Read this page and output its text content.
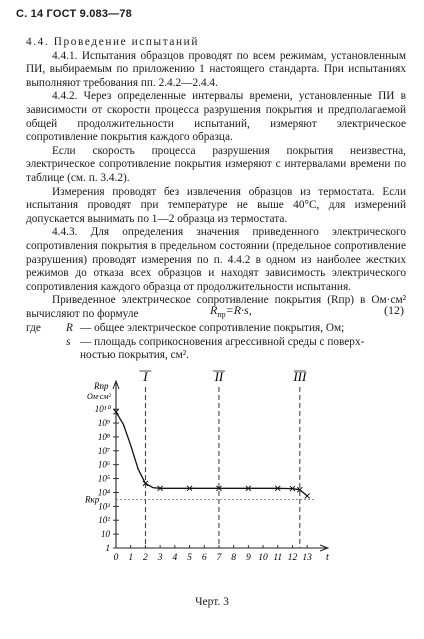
С. 14 ГОСТ 9.083—78

4.4. Проведение испытаний

4.4.1. Испытания образцов проводят по всем режимам, установленным ПИ, выбираемым по приложению 1 настоящего стандарта. При испытаниях выполняют требования пп. 2.4.2—2.4.4.

4.4.2. Через определенные интервалы времени, установленные ПИ в зависимости от скорости процесса разрушения покрытия и предполагаемой общей продолжительности испытаний, измеряют электрическое сопротивление покрытия каждого образца.

Если скорость процесса разрушения покрытия неизвестна, электрическое сопротивление покрытия измеряют с интервалами времени по таблице (см. п. 3.4.2).

Измерения проводят без извлечения образцов из термостата. Если испытания проводят при температуре не выше 40°С, для измерений допускается вынимать по 1—2 образца из термостата.

4.4.3. Для определения значения приведенного электрического сопротивления покрытия в предельном состоянии (предельное сопротивление разрушения) проводят измерения по п. 4.4.2 в одном из наиболее жестких режимов до отказа всех образцов и находят зависимость электрического сопротивления каждого образца от продолжительности испытания.

Приведенное электрическое сопротивление покрытия (Rпр) в Ом·см² вычисляют по формуле	$R_{пр}=R\cdot s$,	(12)
где R — общее электрическое сопротивление покрытия, Ом;
s — площадь соприкосновения агрессивной среды с поверх-
ностью покрытия, см².
Rпр
Ом·см²
10¹⁰
10⁹
10⁸
10⁷
10⁶
10⁵
10⁴
10³
10²
10
1
Rкр
0 1 2 3 4 5 6 7 8 9 10 11 12 13 t
I	II	III
Черт. 3
